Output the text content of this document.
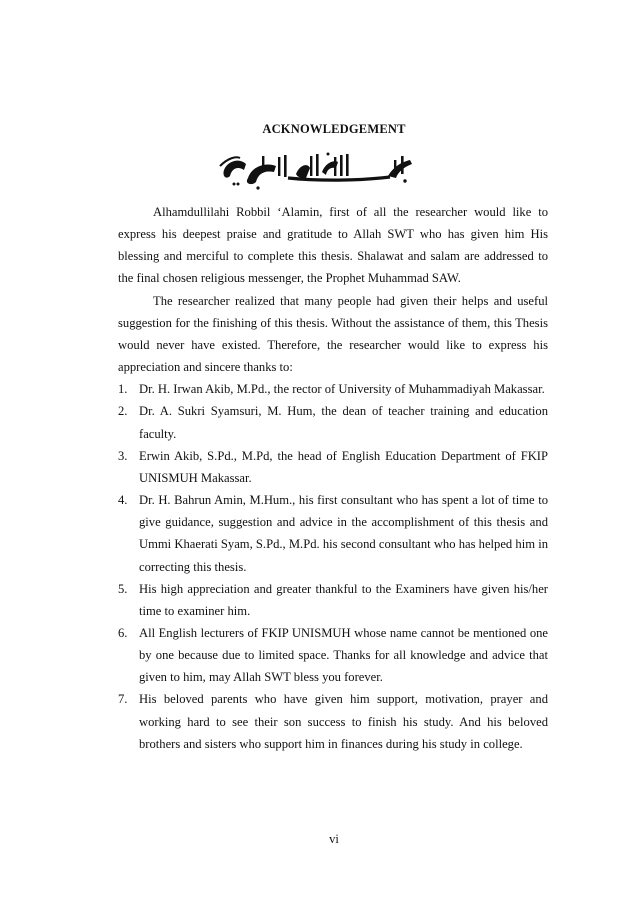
ACKNOWLEDGEMENT

Alhamdullilahi Robbil ‘Alamin, first of all the researcher would like to express his deepest praise and gratitude to Allah SWT who has given him His blessing and merciful to complete this thesis. Shalawat and salam are addressed to the final chosen religious messenger, the Prophet Muhammad SAW.

The researcher realized that many people had given their helps and useful suggestion for the finishing of this thesis. Without the assistance of them, this Thesis would never have existed. Therefore, the researcher would like to express his appreciation and sincere thanks to:

1. Dr. H. Irwan Akib, M.Pd., the rector of University of Muhammadiyah Makassar.
2. Dr. A. Sukri Syamsuri, M. Hum, the dean of teacher training and education faculty.
3. Erwin Akib, S.Pd., M.Pd, the head of English Education Department of FKIP UNISMUH Makassar.
4. Dr. H. Bahrun Amin, M.Hum., his first consultant who has spent a lot of time to give guidance, suggestion and advice in the accomplishment of this thesis and Ummi Khaerati Syam, S.Pd., M.Pd. his second consultant who has helped him in correcting this thesis.
5. His high appreciation and greater thankful to the Examiners have given his/her time to examiner him.
6. All English lecturers of FKIP UNISMUH whose name cannot be mentioned one by one because due to limited space. Thanks for all knowledge and advice that given to him, may Allah SWT bless you forever.
7. His beloved parents who have given him support, motivation, prayer and working hard to see their son success to finish his study. And his beloved brothers and sisters who support him in finances during his study in college.
vi
